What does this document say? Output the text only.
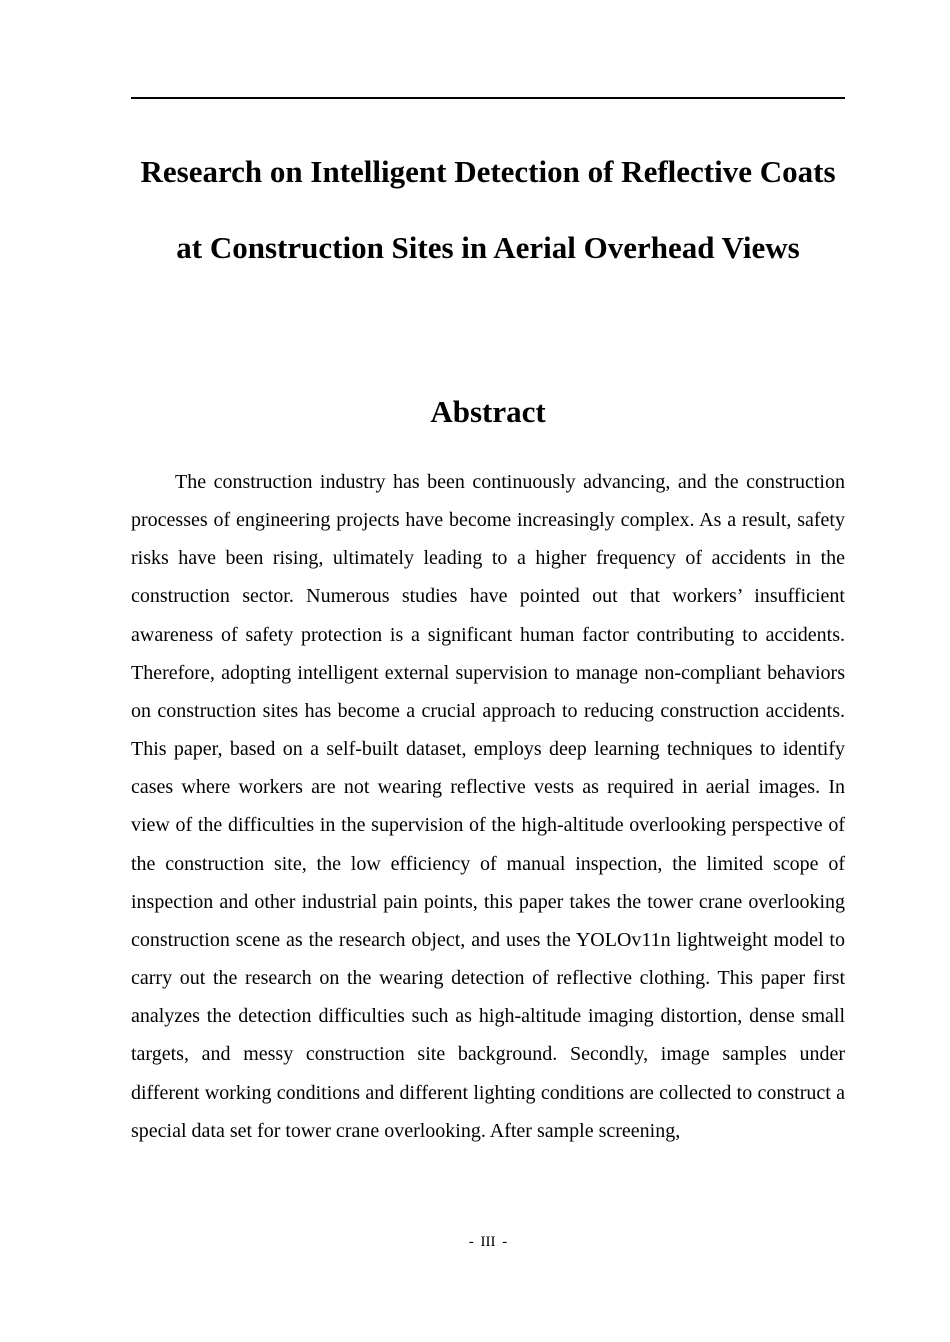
Research on Intelligent Detection of Reflective Coats at Construction Sites in Aerial Overhead Views
Abstract

The construction industry has been continuously advancing, and the construction processes of engineering projects have become increasingly complex. As a result, safety risks have been rising, ultimately leading to a higher frequency of accidents in the construction sector. Numerous studies have pointed out that workers’ insufficient awareness of safety protection is a significant human factor contributing to accidents. Therefore, adopting intelligent external supervision to manage non-compliant behaviors on construction sites has become a crucial approach to reducing construction accidents. This paper, based on a self-built dataset, employs deep learning techniques to identify cases where workers are not wearing reflective vests as required in aerial images. In view of the difficulties in the supervision of the high-altitude overlooking perspective of the construction site, the low efficiency of manual inspection, the limited scope of inspection and other industrial pain points, this paper takes the tower crane overlooking construction scene as the research object, and uses the YOLOv11n lightweight model to carry out the research on the wearing detection of reflective clothing. This paper first analyzes the detection difficulties such as high-altitude imaging distortion, dense small targets, and messy construction site background. Secondly, image samples under different working conditions and different lighting conditions are collected to construct a special data set for tower crane overlooking. After sample screening,

- III -
